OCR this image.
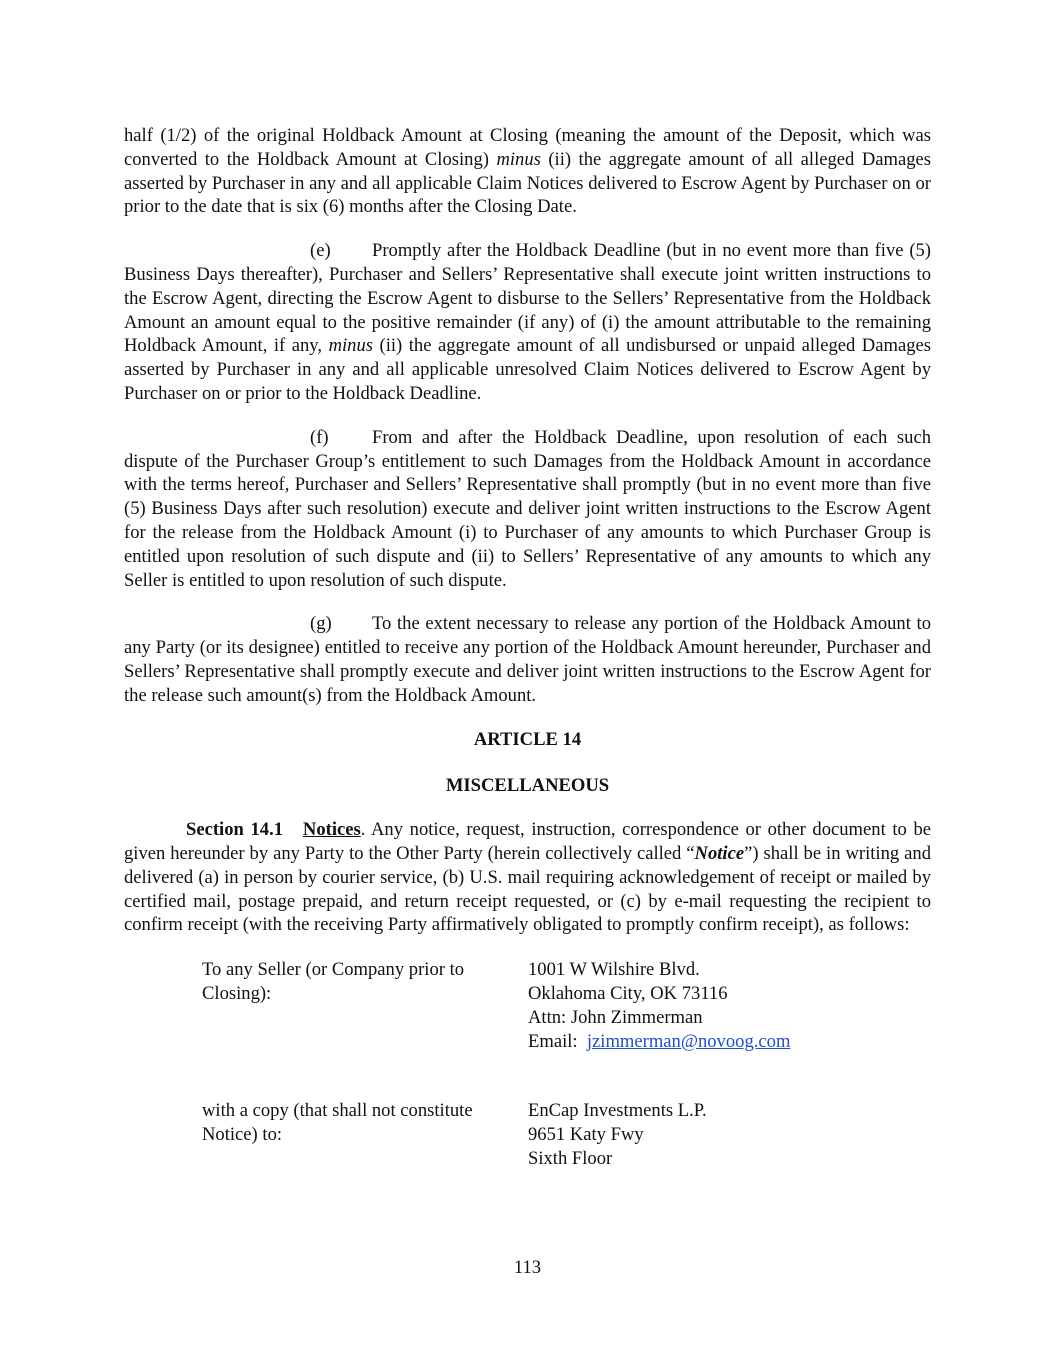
half (1/2) of the original Holdback Amount at Closing (meaning the amount of the Deposit, which was converted to the Holdback Amount at Closing) minus (ii) the aggregate amount of all alleged Damages asserted by Purchaser in any and all applicable Claim Notices delivered to Escrow Agent by Purchaser on or prior to the date that is six (6) months after the Closing Date.

(e) Promptly after the Holdback Deadline (but in no event more than five (5) Business Days thereafter), Purchaser and Sellers’ Representative shall execute joint written instructions to the Escrow Agent, directing the Escrow Agent to disburse to the Sellers’ Representative from the Holdback Amount an amount equal to the positive remainder (if any) of (i) the amount attributable to the remaining Holdback Amount, if any, minus (ii) the aggregate amount of all undisbursed or unpaid alleged Damages asserted by Purchaser in any and all applicable unresolved Claim Notices delivered to Escrow Agent by Purchaser on or prior to the Holdback Deadline.

(f) From and after the Holdback Deadline, upon resolution of each such dispute of the Purchaser Group’s entitlement to such Damages from the Holdback Amount in accordance with the terms hereof, Purchaser and Sellers’ Representative shall promptly (but in no event more than five (5) Business Days after such resolution) execute and deliver joint written instructions to the Escrow Agent for the release from the Holdback Amount (i) to Purchaser of any amounts to which Purchaser Group is entitled upon resolution of such dispute and (ii) to Sellers’ Representative of any amounts to which any Seller is entitled to upon resolution of such dispute.

(g) To the extent necessary to release any portion of the Holdback Amount to any Party (or its designee) entitled to receive any portion of the Holdback Amount hereunder, Purchaser and Sellers’ Representative shall promptly execute and deliver joint written instructions to the Escrow Agent for the release such amount(s) from the Holdback Amount.

ARTICLE 14

MISCELLANEOUS

Section 14.1 Notices. Any notice, request, instruction, correspondence or other document to be given hereunder by any Party to the Other Party (herein collectively called “Notice”) shall be in writing and delivered (a) in person by courier service, (b) U.S. mail requiring acknowledgement of receipt or mailed by certified mail, postage prepaid, and return receipt requested, or (c) by e-mail requesting the recipient to confirm receipt (with the receiving Party affirmatively obligated to promptly confirm receipt), as follows:

To any Seller (or Company prior to
Closing):
1001 W Wilshire Blvd.
Oklahoma City, OK 73116
Attn: John Zimmerman
Email:  jzimmerman@novoog.com
with a copy (that shall not constitute
Notice) to:
EnCap Investments L.P.
9651 Katy Fwy
Sixth Floor
113
